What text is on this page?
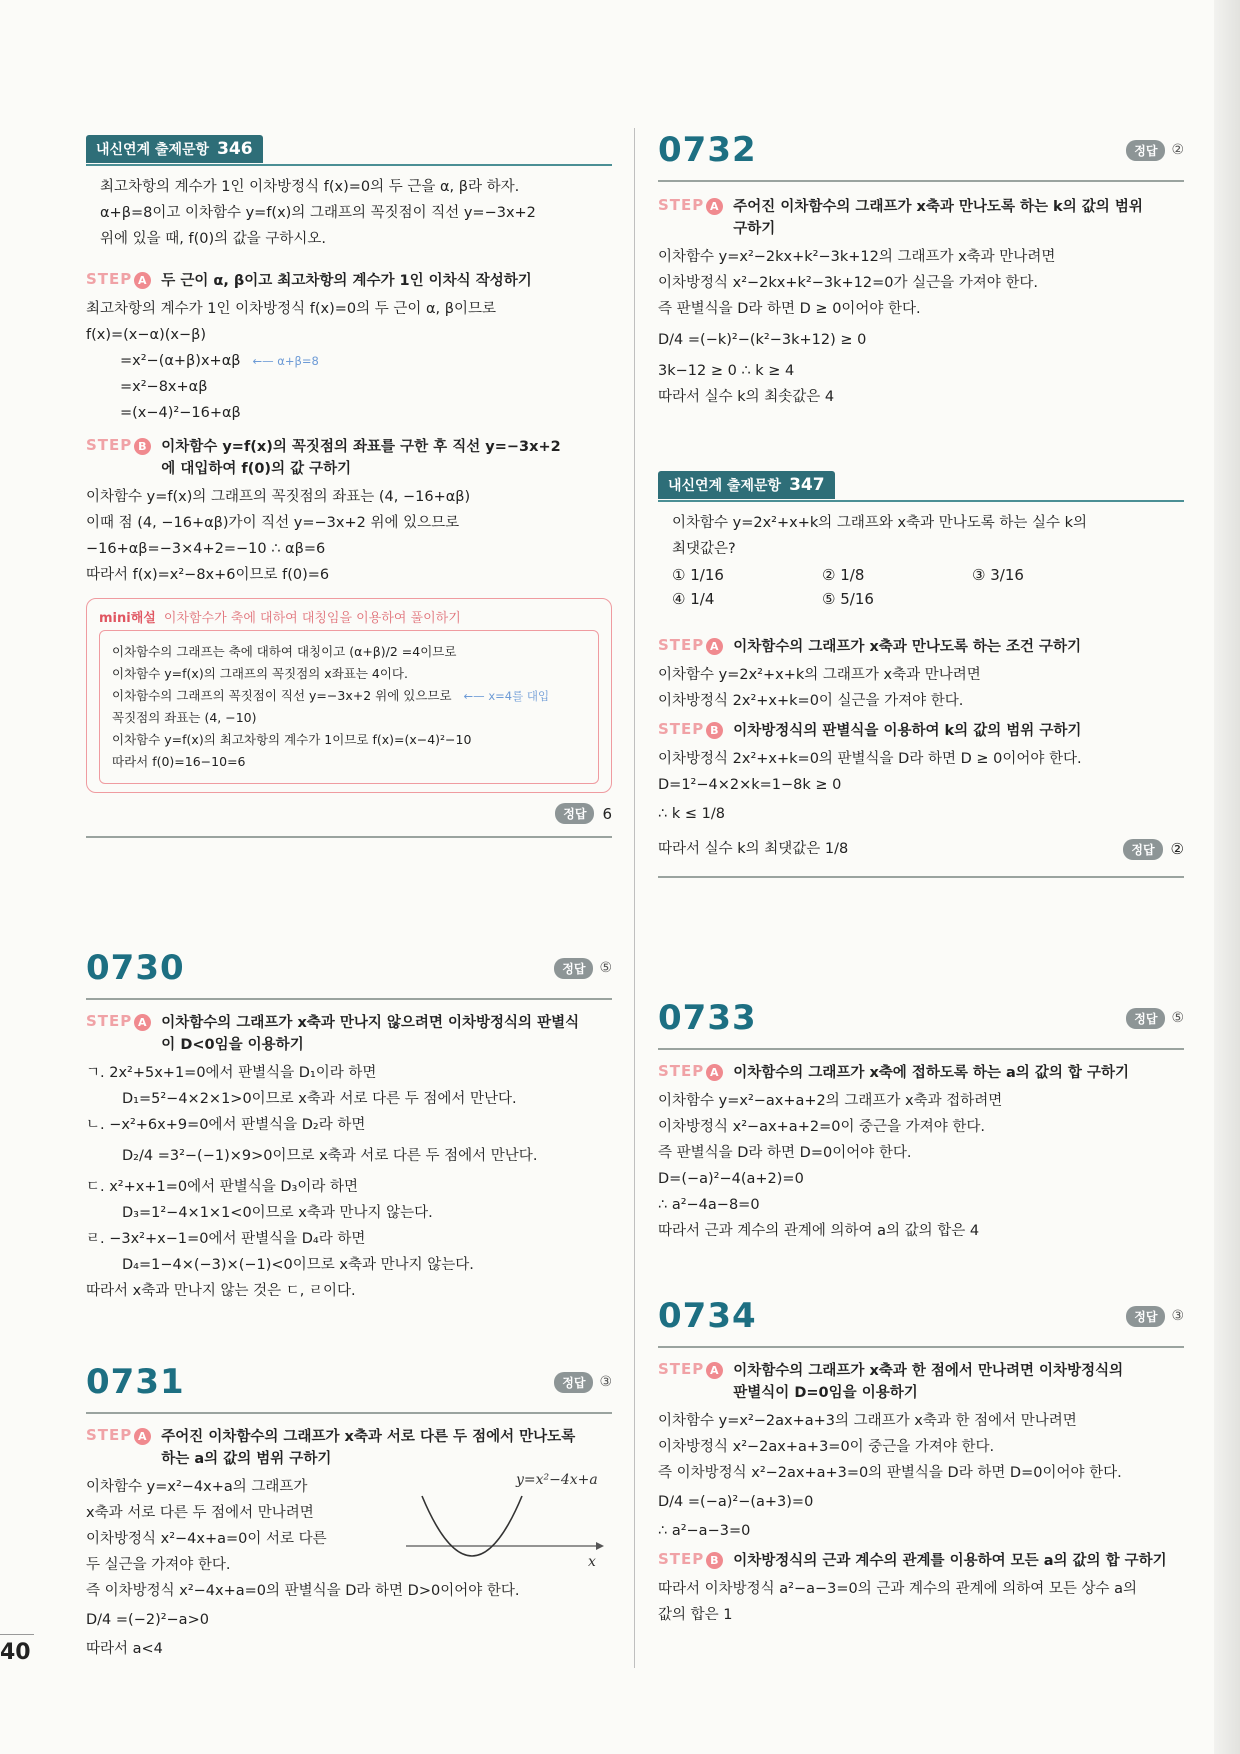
40
내신연계 출제문항 346
최고차항의 계수가 1인 이차방정식 f(x)=0의 두 근을 α, β라 하자.
α+β=8이고 이차함수 y=f(x)의 그래프의 꼭짓점이 직선 y=−3x+2
위에 있을 때, f(0)의 값을 구하시오.
STEP A 두 근이 α, β이고 최고차항의 계수가 1인 이차식 작성하기
최고차항의 계수가 1인 이차방정식 f(x)=0의 두 근이 α, β이므로
f(x)=(x−α)(x−β)
=x²−(α+β)x+αβ ←— α+β=8
=x²−8x+αβ
=(x−4)²−16+αβ
STEP B 이차함수 y=f(x)의 꼭짓점의 좌표를 구한 후 직선 y=−3x+2
에 대입하여 f(0)의 값 구하기
이차함수 y=f(x)의 그래프의 꼭짓점의 좌표는 (4, −16+αβ)
이때 점 (4, −16+αβ)가이 직선 y=−3x+2 위에 있으므로
−16+αβ=−3×4+2=−10 ∴ αβ=6
따라서 f(x)=x²−8x+6이므로 f(0)=6
mini해설 이차함수가 축에 대하여 대칭임을 이용하여 풀이하기
이차함수의 그래프는 축에 대하여 대칭이고 (α+β)/2 =4이므로
이차함수 y=f(x)의 그래프의 꼭짓점의 x좌표는 4이다.
이차함수의 그래프의 꼭짓점이 직선 y=−3x+2 위에 있으므로 ←— x=4를 대입
꼭짓점의 좌표는 (4, −10)
이차함수 y=f(x)의 최고차항의 계수가 1이므로 f(x)=(x−4)²−10
따라서 f(0)=16−10=6
정답	6
0730	정답	⑤
STEP A 이차함수의 그래프가 x축과 만나지 않으려면 이차방정식의 판별식
이 D<0임을 이용하기
ㄱ. 2x²+5x+1=0에서 판별식을 D₁이라 하면
D₁=5²−4×2×1>0이므로 x축과 서로 다른 두 점에서 만난다.
ㄴ. −x²+6x+9=0에서 판별식을 D₂라 하면
D₂/4 =3²−(−1)×9>0이므로 x축과 서로 다른 두 점에서 만난다.
ㄷ. x²+x+1=0에서 판별식을 D₃이라 하면
D₃=1²−4×1×1<0이므로 x축과 만나지 않는다.
ㄹ. −3x²+x−1=0에서 판별식을 D₄라 하면
D₄=1−4×(−3)×(−1)<0이므로 x축과 만나지 않는다.
따라서 x축과 만나지 않는 것은 ㄷ, ㄹ이다.
0731	정답	③
STEP A 주어진 이차함수의 그래프가 x축과 서로 다른 두 점에서 만나도록
하는 a의 값의 범위 구하기
이차함수 y=x²−4x+a의 그래프가
x축과 서로 다른 두 점에서 만나려면
이차방정식 x²−4x+a=0이 서로 다른
두 실근을 가져야 한다.
y=x²−4x+a
x
즉 이차방정식 x²−4x+a=0의 판별식을 D라 하면 D>0이어야 한다.
D/4 =(−2)²−a>0
따라서 a<4
0732	정답	②
STEP A 주어진 이차함수의 그래프가 x축과 만나도록 하는 k의 값의 범위
구하기
이차함수 y=x²−2kx+k²−3k+12의 그래프가 x축과 만나려면
이차방정식 x²−2kx+k²−3k+12=0가 실근을 가져야 한다.
즉 판별식을 D라 하면 D ≥ 0이어야 한다.
D/4 =(−k)²−(k²−3k+12) ≥ 0
3k−12 ≥ 0 ∴ k ≥ 4
따라서 실수 k의 최솟값은 4
내신연계 출제문항 347
이차함수 y=2x²+x+k의 그래프와 x축과 만나도록 하는 실수 k의
최댓값은?
① 1/16	② 1/8	③ 3/16
④ 1/4	⑤ 5/16
STEP A 이차함수의 그래프가 x축과 만나도록 하는 조건 구하기
이차함수 y=2x²+x+k의 그래프가 x축과 만나려면
이차방정식 2x²+x+k=0이 실근을 가져야 한다.
STEP B 이차방정식의 판별식을 이용하여 k의 값의 범위 구하기
이차방정식 2x²+x+k=0의 판별식을 D라 하면 D ≥ 0이어야 한다.
D=1²−4×2×k=1−8k ≥ 0
∴ k ≤ 1/8
따라서 실수 k의 최댓값은 1/8	정답	②
0733	정답	⑤
STEP A 이차함수의 그래프가 x축에 접하도록 하는 a의 값의 합 구하기
이차함수 y=x²−ax+a+2의 그래프가 x축과 접하려면
이차방정식 x²−ax+a+2=0이 중근을 가져야 한다.
즉 판별식을 D라 하면 D=0이어야 한다.
D=(−a)²−4(a+2)=0
∴ a²−4a−8=0
따라서 근과 계수의 관계에 의하여 a의 값의 합은 4
0734	정답	③
STEP A 이차함수의 그래프가 x축과 한 점에서 만나려면 이차방정식의
판별식이 D=0임을 이용하기
이차함수 y=x²−2ax+a+3의 그래프가 x축과 한 점에서 만나려면
이차방정식 x²−2ax+a+3=0이 중근을 가져야 한다.
즉 이차방정식 x²−2ax+a+3=0의 판별식을 D라 하면 D=0이어야 한다.
D/4 =(−a)²−(a+3)=0
∴ a²−a−3=0
STEP B 이차방정식의 근과 계수의 관계를 이용하여 모든 a의 값의 합 구하기
따라서 이차방정식 a²−a−3=0의 근과 계수의 관계에 의하여 모든 상수 a의
값의 합은 1
